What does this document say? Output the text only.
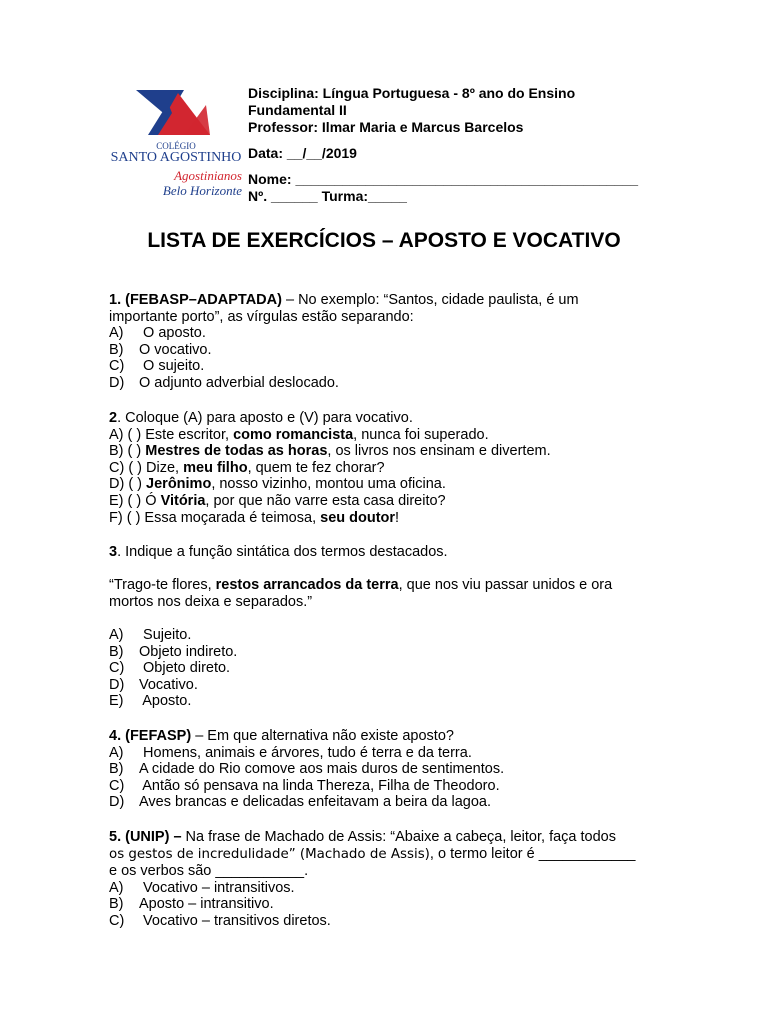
COLÉGIO
SANTO AGOSTINHO
Agostinianos
Belo Horizonte
Disciplina: Língua Portuguesa - 8º ano do Ensino
Fundamental II
Professor: Ilmar Maria e Marcus Barcelos
Data: __/__/2019
Nome: ____________________________________________
Nº. ______ Turma:_____
LISTA DE EXERCÍCIOS – APOSTO E VOCATIVO
1. (FEBASP–ADAPTADA) – No exemplo: “Santos, cidade paulista, é um
importante porto”, as vírgulas estão separando:
A) O aposto.
B) O vocativo.
C) O sujeito.
D) O adjunto adverbial deslocado.
2. Coloque (A) para aposto e (V) para vocativo.
A) ( ) Este escritor, como romancista, nunca foi superado.
B) ( ) Mestres de todas as horas, os livros nos ensinam e divertem.
C) ( ) Dize, meu filho, quem te fez chorar?
D) ( ) Jerônimo, nosso vizinho, montou uma oficina.
E) ( ) Ó Vitória, por que não varre esta casa direito?
F) ( ) Essa moçarada é teimosa, seu doutor!
3. Indique a função sintática dos termos destacados.
“Trago-te flores, restos arrancados da terra, que nos viu passar unidos e ora
mortos nos deixa e separados.”
A) Sujeito.
B) Objeto indireto.
C) Objeto direto.
D) Vocativo.
E) Aposto.
4. (FEFASP) – Em que alternativa não existe aposto?
A) Homens, animais e árvores, tudo é terra e da terra.
B) A cidade do Rio comove aos mais duros de sentimentos.
C) Antão só pensava na linda Thereza, Filha de Theodoro.
D) Aves brancas e delicadas enfeitavam a beira da lagoa.
5. (UNIP) – Na frase de Machado de Assis: “Abaixe a cabeça, leitor, faça todos
os gestos de incredulidade” (Machado de Assis), o termo leitor é ____________
e os verbos são ___________.
A) Vocativo – intransitivos.
B) Aposto – intransitivo.
C) Vocativo – transitivos diretos.
